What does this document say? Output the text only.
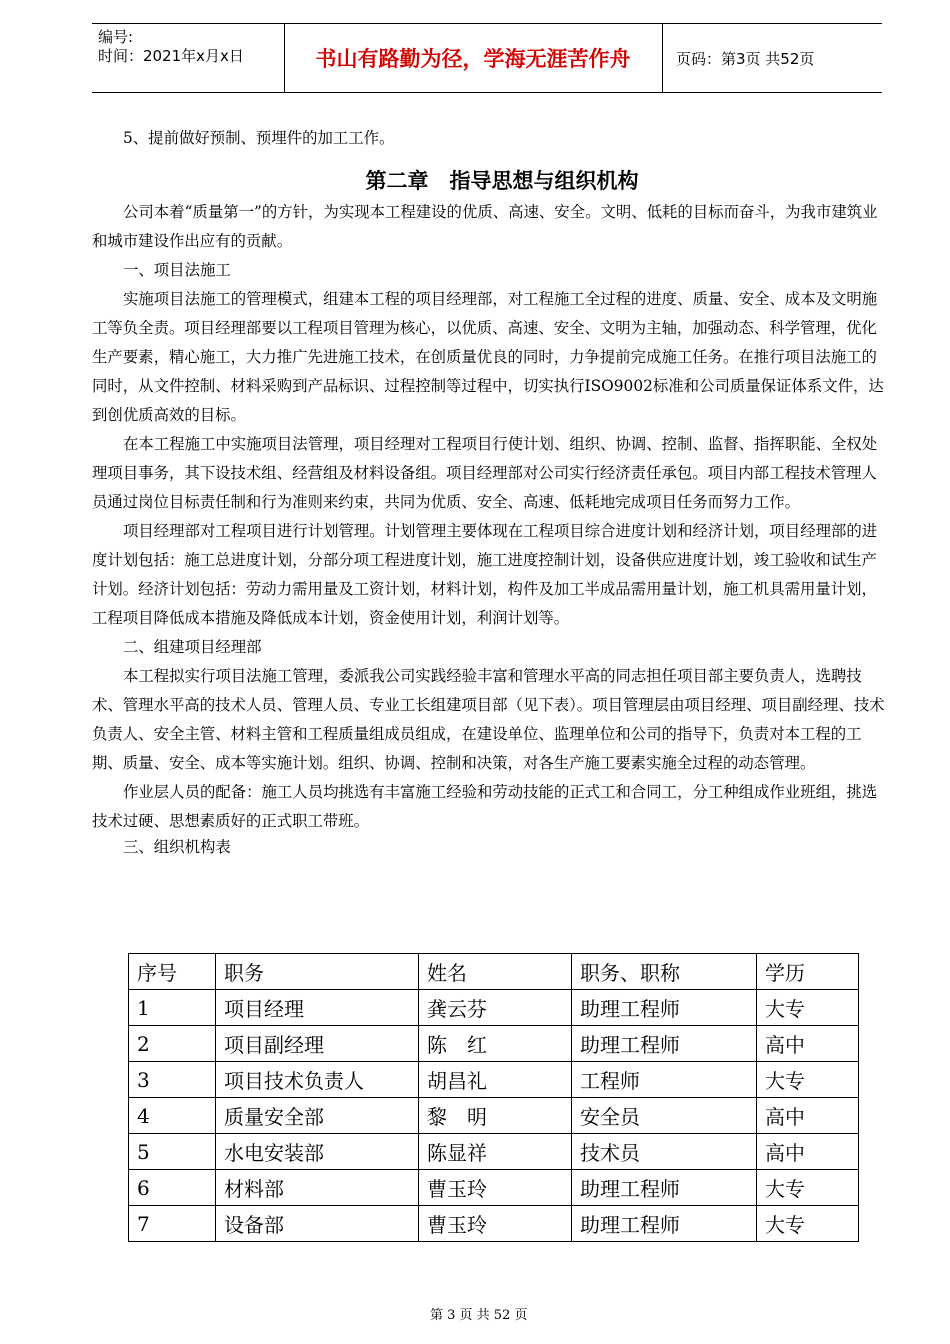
编号:
时间：2021年x月x日	书山有路勤为径，学海无涯苦作舟	页码：第3页 共52页

5、提前做好预制、预埋件的加工工作。

第二章　指导思想与组织机构

公司本着“质量第一”的方针，为实现本工程建设的优质、高速、安全。文明、低耗的目标而奋斗，为我市建筑业和城市建设作出应有的贡献。

一、项目法施工

实施项目法施工的管理模式，组建本工程的项目经理部，对工程施工全过程的进度、质量、安全、成本及文明施工等负全责。项目经理部要以工程项目管理为核心，以优质、高速、安全、文明为主轴，加强动态、科学管理，优化生产要素，精心施工，大力推广先进施工技术，在创质量优良的同时，力争提前完成施工任务。在推行项目法施工的同时，从文件控制、材料采购到产品标识、过程控制等过程中，切实执行ISO9002标准和公司质量保证体系文件，达到创优质高效的目标。

在本工程施工中实施项目法管理，项目经理对工程项目行使计划、组织、协调、控制、监督、指挥职能、全权处理项目事务，其下设技术组、经营组及材料设备组。项目经理部对公司实行经济责任承包。项目内部工程技术管理人员通过岗位目标责任制和行为准则来约束，共同为优质、安全、高速、低耗地完成项目任务而努力工作。

项目经理部对工程项目进行计划管理。计划管理主要体现在工程项目综合进度计划和经济计划，项目经理部的进度计划包括：施工总进度计划，分部分项工程进度计划，施工进度控制计划，设备供应进度计划，竣工验收和试生产计划。经济计划包括：劳动力需用量及工资计划，材料计划，构件及加工半成品需用量计划，施工机具需用量计划，工程项目降低成本措施及降低成本计划，资金使用计划，利润计划等。

二、组建项目经理部

本工程拟实行项目法施工管理，委派我公司实践经验丰富和管理水平高的同志担任项目部主要负责人，选聘技术、管理水平高的技术人员、管理人员、专业工长组建项目部（见下表）。项目管理层由项目经理、项目副经理、技术负责人、安全主管、材料主管和工程质量组成员组成，在建设单位、监理单位和公司的指导下，负责对本工程的工期、质量、安全、成本等实施计划。组织、协调、控制和决策，对各生产施工要素实施全过程的动态管理。

作业层人员的配备：施工人员均挑选有丰富施工经验和劳动技能的正式工和合同工，分工种组成作业班组，挑选技术过硬、思想素质好的正式职工带班。

三、组织机构表

序号	职务	姓名	职务、职称	学历
1	项目经理	龚云芬	助理工程师	大专
2	项目副经理	陈　红	助理工程师	高中
3	项目技术负责人	胡昌礼	工程师	大专
4	质量安全部	黎　明	安全员	高中
5	水电安装部	陈显祥	技术员	高中
6	材料部	曹玉玲	助理工程师	大专
7	设备部	曹玉玲	助理工程师	大专
第 3 页 共 52 页
